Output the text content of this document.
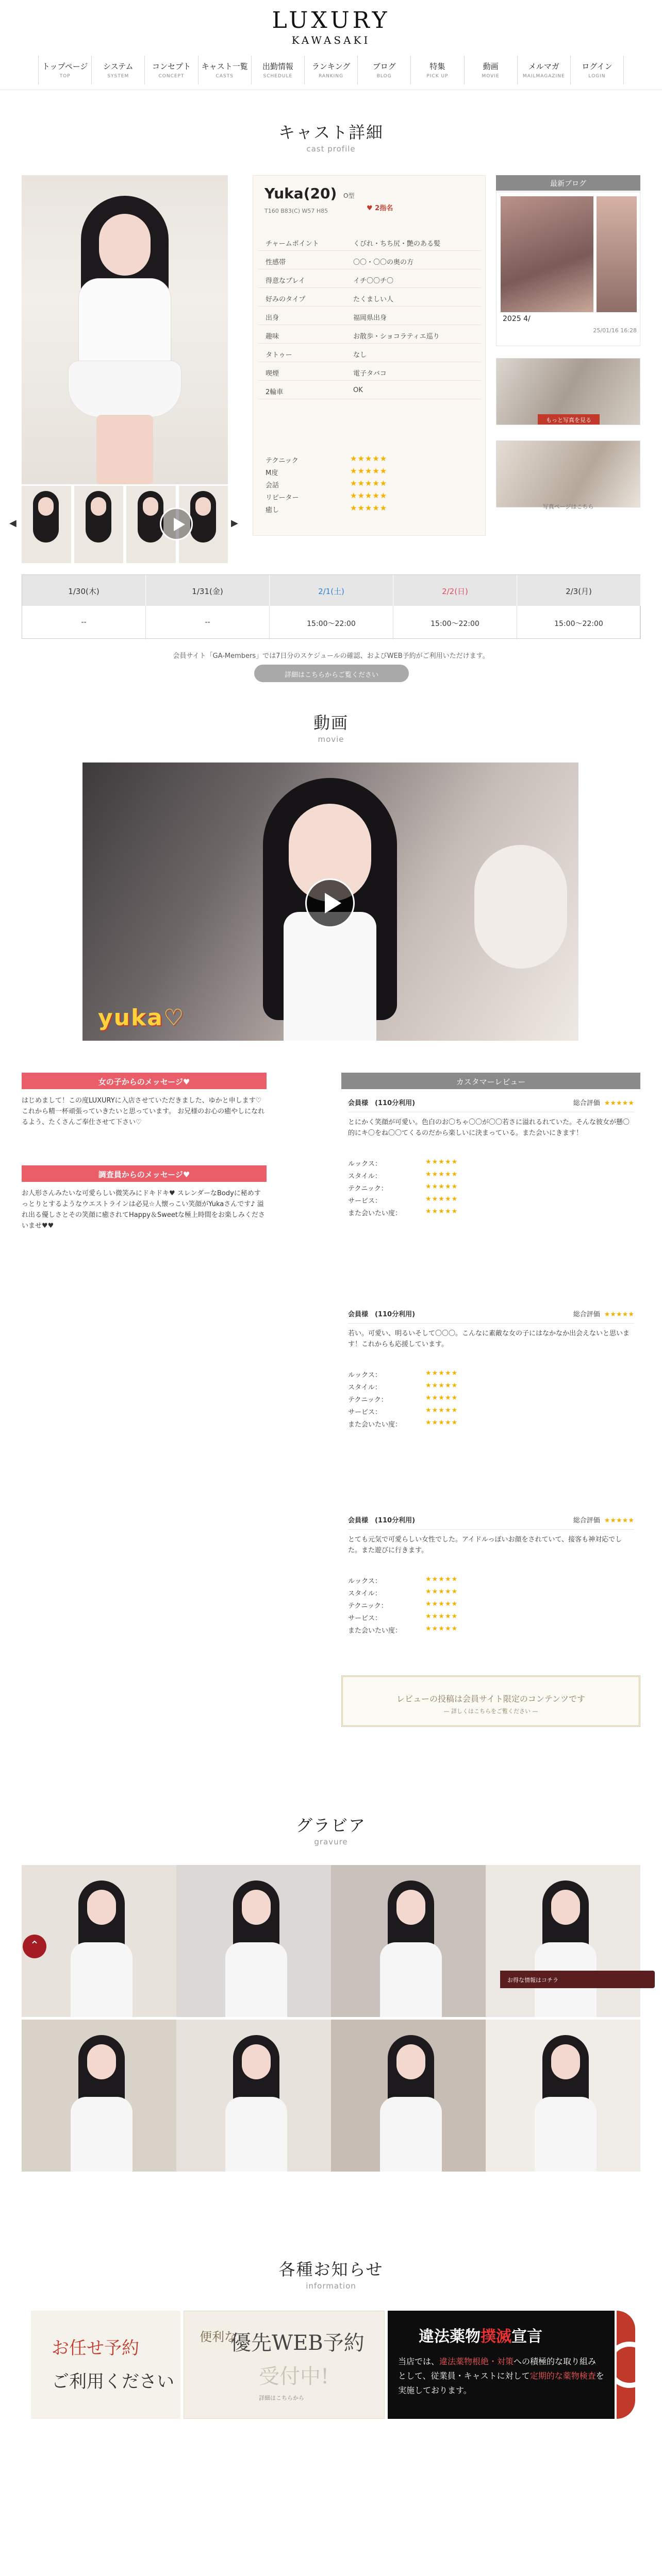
LUXURY
KAWASAKI
トップページ
TOP
システム
SYSTEM
コンセプト
CONCEPT
キャスト一覧
CASTS
出勤情報
SCHEDULE
ランキング
RANKING
ブログ
BLOG
特集
PICK UP
動画
MOVIE
メルマガ
MAILMAGAZINE
ログイン
LOGIN
キャスト詳細
cast profile
◀	▶
Yuka(20) O型
T160 B83(C) W57 H85	♥ 2指名
チャームポイント	くびれ・ちち尻・艶のある髪
性感帯	〇〇・〇〇の奥の方
得意なプレイ	イチ〇〇チ〇
好みのタイプ	たくましい人
出身	福岡県出身
趣味	お散歩・ショコラティエ巡り
タトゥー	なし
喫煙	電子タバコ
2輪車	OK
テクニック	★★★★★
M度	★★★★★
会話	★★★★★
リピーター	★★★★★
癒し	★★★★★
最新ブログ
2025 4/
25/01/16 16:28
もっと写真を見る
写真ページはこちら
1/30(木)	1/31(金)	2/1(土)	2/2(日)	2/3(月)
--	--	15:00〜22:00	15:00〜22:00	15:00〜22:00
会員サイト「GA-Members」では7日分のスケジュールの確認、およびWEB予約がご利用いただけます。
詳細はこちらからご覧ください
動画
movie
yuka♡
女の子からのメッセージ♥
はじめまして！この度LUXURYに入店させていただきました、ゆかと申します♡ これから精一杯頑張っていきたいと思っています。 お兄様のお心の癒やしになれるよう、たくさんご奉仕させて下さい♡
調査員からのメッセージ♥
お人形さんみたいな可愛らしい微笑みにドキドキ♥ スレンダーなBodyに秘めすっとりとするようなウエストラインは必見☆人懐っこい笑顔がYukaさんです♪ 溢れ出る優しさとその笑顔に癒されてHappy＆Sweetな極上時間をお楽しみくださいませ♥♥
カスタマーレビュー
会員様　(110分利用)	総合評価 ★★★★★
とにかく笑顔が可愛い。色白のお〇ちゃ〇〇が〇〇若さに溢れるれていた。そんな彼女が懸〇的にキ〇をね〇〇てくるのだから楽しいに決まっている。また会いにきます！
ルックス：	★★★★★
スタイル：	★★★★★
テクニック：	★★★★★
サービス：	★★★★★
また会いたい度：	★★★★★
会員様　(110分利用)	総合評価 ★★★★★
若い。可愛い、明るいそして〇〇〇。こんなに素敵な女の子にはなかなか出会えないと思います！これからも応援しています。
ルックス：	★★★★★
スタイル：	★★★★★
テクニック：	★★★★★
サービス：	★★★★★
また会いたい度：	★★★★★
会員様　(110分利用)	総合評価 ★★★★★
とても元気で可愛らしい女性でした。アイドルっぽいお顔をされていて、接客も神対応でした。また遊びに行きます。
ルックス：	★★★★★
スタイル：	★★★★★
テクニック：	★★★★★
サービス：	★★★★★
また会いたい度：	★★★★★
レビューの投稿は会員サイト限定のコンテンツです
— 詳しくはこちらをご覧ください —
グラビア
gravure
⌃
お得な情報はコチラ
各種お知らせ
information
お任せ予約
ご利用ください
便利な
優先WEB予約
受付中!
詳細はこちらから
違法薬物撲滅宣言
当店では、違法薬物根絶・対策への積極的な取り組みとして、従業員・キャストに対して定期的な薬物検査を実施しております。
